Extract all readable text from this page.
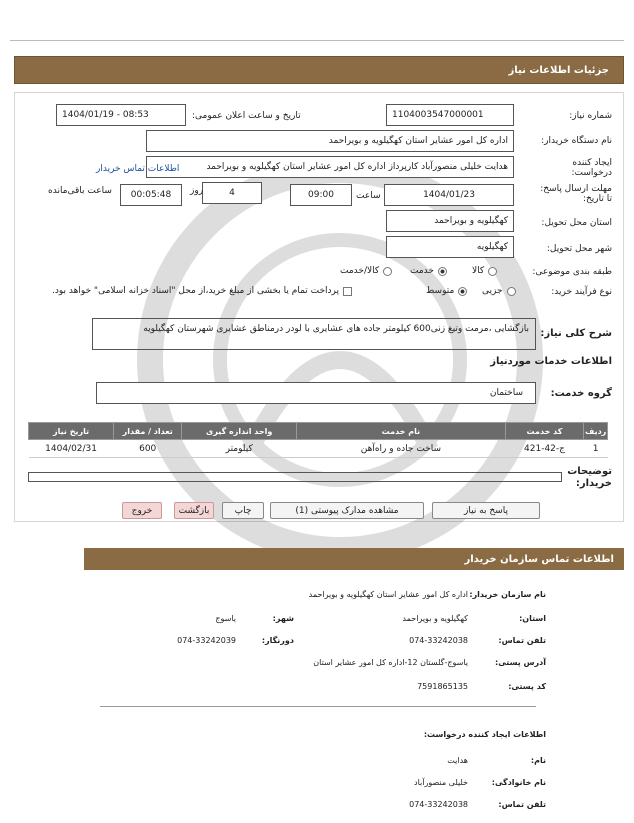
جزئیات اطلاعات نیاز
شماره نیاز:
1104003547000001
تاریخ و ساعت اعلان عمومی:
1404/01/19 - 08:53
نام دستگاه خریدار:
اداره کل امور عشایر استان کهگیلویه و بویراحمد
ایجاد کننده درخواست:
هدایت خلیلی منصورآباد کارپرداز اداره کل امور عشایر استان کهگیلویه و بویراحمد
اطلاعات تماس خریدار
مهلت ارسال پاسخ: تا تاریخ:
1404/01/23
ساعت
09:00
4
روز
00:05:48
ساعت باقی‌مانده
استان محل تحویل:
کهگیلویه و بویراحمد
شهر محل تحویل:
کهگیلویه
طبقه بندی موضوعی:
کالا
خدمت
کالا/خدمت
نوع فرآیند خرید:
جزیی
متوسط
پرداخت تمام یا بخشی از مبلغ خرید،از محل "اسناد خزانه اسلامی" خواهد بود.
شرح کلی نیاز:
بازگشایی ،مرمت وتیغ زنی600 کیلومتر جاده های عشایری با لودر درمناطق عشایری شهرستان کهگیلویه
اطلاعات خدمات موردنیاز
گروه خدمت:
ساختمان
ردیف	کد خدمت	نام خدمت	واحد اندازه گیری	تعداد / مقدار	تاریخ نیاز
1	ج-42-421	ساخت جاده و راه‌آهن	کیلومتر	600	1404/02/31
توضیحات خریدار:
پاسخ به نیاز
مشاهده مدارک پیوستی (1)
چاپ
بازگشت
خروج
اطلاعات تماس سازمان خریدار
نام سازمان خریدار:
اداره کل امور عشایر استان کهگیلویه و بویراحمد
استان:
کهگیلویه و بویراحمد
شهر:
یاسوج
تلفن تماس:
074-33242038
دورنگار:
074-33242039
آدرس پستی:
یاسوج-گلستان 12-اداره کل امور عشایر استان
کد پستی:
7591865135
اطلاعات ایجاد کننده درخواست:
نام:
هدایت
نام خانوادگی:
خلیلی منصورآباد
تلفن تماس:
074-33242038
